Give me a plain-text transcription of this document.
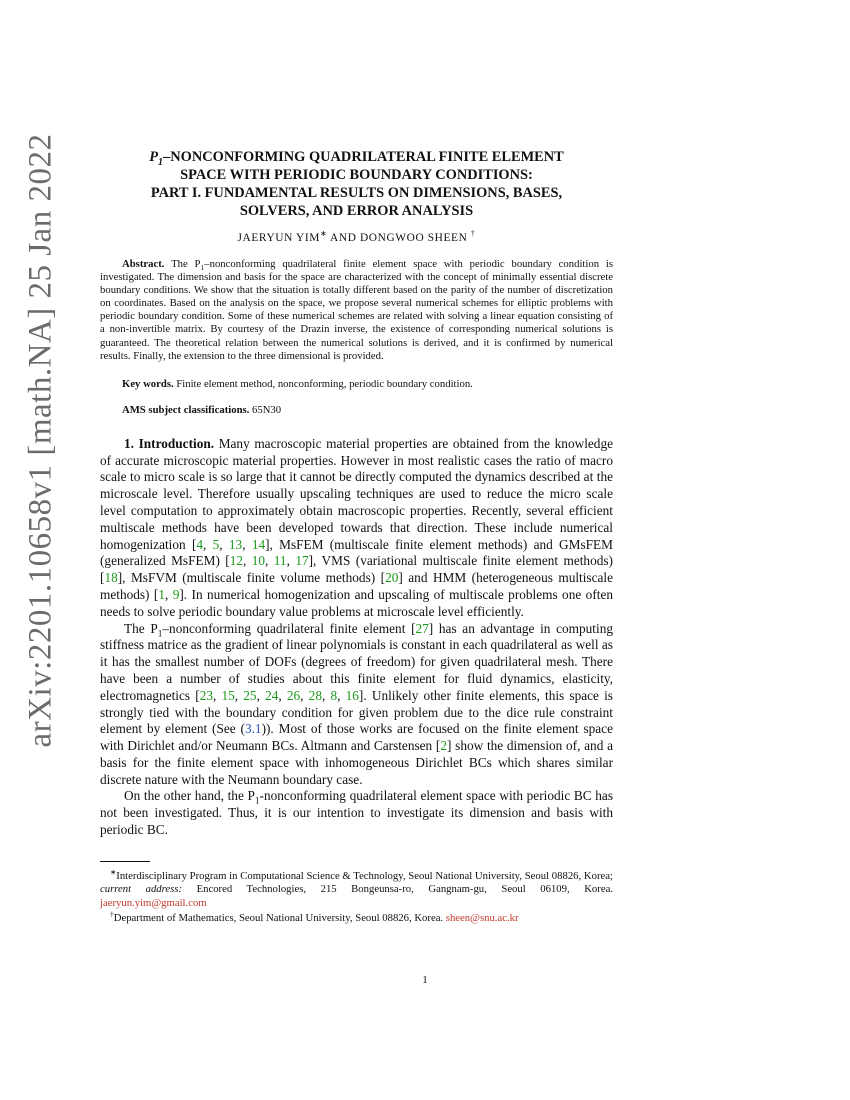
arXiv:2201.10658v1 [math.NA] 25 Jan 2022	$P_1$–NONCONFORMING QUADRILATERAL FINITE ELEMENT
SPACE WITH PERIODIC BOUNDARY CONDITIONS:
PART I. FUNDAMENTAL RESULTS ON DIMENSIONS, BASES,
SOLVERS, AND ERROR ANALYSIS
JAERYUN YIM∗ AND DONGWOO SHEEN †
Abstract. The $P_1$–nonconforming quadrilateral finite element space with periodic boundary condition is investigated. The dimension and basis for the space are characterized with the concept of minimally essential discrete boundary conditions. We show that the situation is totally different based on the parity of the number of discretization on coordinates. Based on the analysis on the space, we propose several numerical schemes for elliptic problems with periodic boundary condition. Some of these numerical schemes are related with solving a linear equation consisting of a non-invertible matrix. By courtesy of the Drazin inverse, the existence of corresponding numerical solutions is guaranteed. The theoretical relation between the numerical solutions is derived, and it is confirmed by numerical results. Finally, the extension to the three dimensional is provided.
Key words. Finite element method, nonconforming, periodic boundary condition.
AMS subject classifications. 65N30

1. Introduction. Many macroscopic material properties are obtained from the knowledge of accurate microscopic material properties. However in most realistic cases the ratio of macro scale to micro scale is so large that it cannot be directly computed the dynamics described at the microscale level. Therefore usually upscaling techniques are used to reduce the micro scale level computation to approximately obtain macroscopic properties. Recently, several efficient multiscale methods have been developed towards that direction. These include numerical homogenization [4, 5, 13, 14], MsFEM (multiscale finite element methods) and GMsFEM (generalized MsFEM) [12, 10, 11, 17], VMS (variational multiscale finite element methods) [18], MsFVM (multiscale finite volume methods) [20] and HMM (heterogeneous multiscale methods) [1, 9]. In numerical homogenization and upscaling of multiscale problems one often needs to solve periodic boundary value problems at microscale level efficiently.

The $P_1$–nonconforming quadrilateral finite element [27] has an advantage in computing stiffness matrice as the gradient of linear polynomials is constant in each quadrilateral as well as it has the smallest number of DOFs (degrees of freedom) for given quadrilateral mesh. There have been a number of studies about this finite element for fluid dynamics, elasticity, electromagnetics [23, 15, 25, 24, 26, 28, 8, 16]. Unlikely other finite elements, this space is strongly tied with the boundary condition for given problem due to the dice rule constraint element by element (See (3.1)). Most of those works are focused on the finite element space with Dirichlet and/or Neumann BCs. Altmann and Carstensen [2] show the dimension of, and a basis for the finite element space with inhomogeneous Dirichlet BCs which shares similar discrete nature with the Neumann boundary case.

On the other hand, the $P_1$-nonconforming quadrilateral element space with periodic BC has not been investigated. Thus, it is our intention to investigate its dimension and basis with periodic BC.

∗Interdisciplinary Program in Computational Science & Technology, Seoul National University, Seoul 08826, Korea; current address: Encored Technologies, 215 Bongeunsa-ro, Gangnam-gu, Seoul 06109, Korea. jaeryun.yim@gmail.com

†Department of Mathematics, Seoul National University, Seoul 08826, Korea. sheen@snu.ac.kr

1
